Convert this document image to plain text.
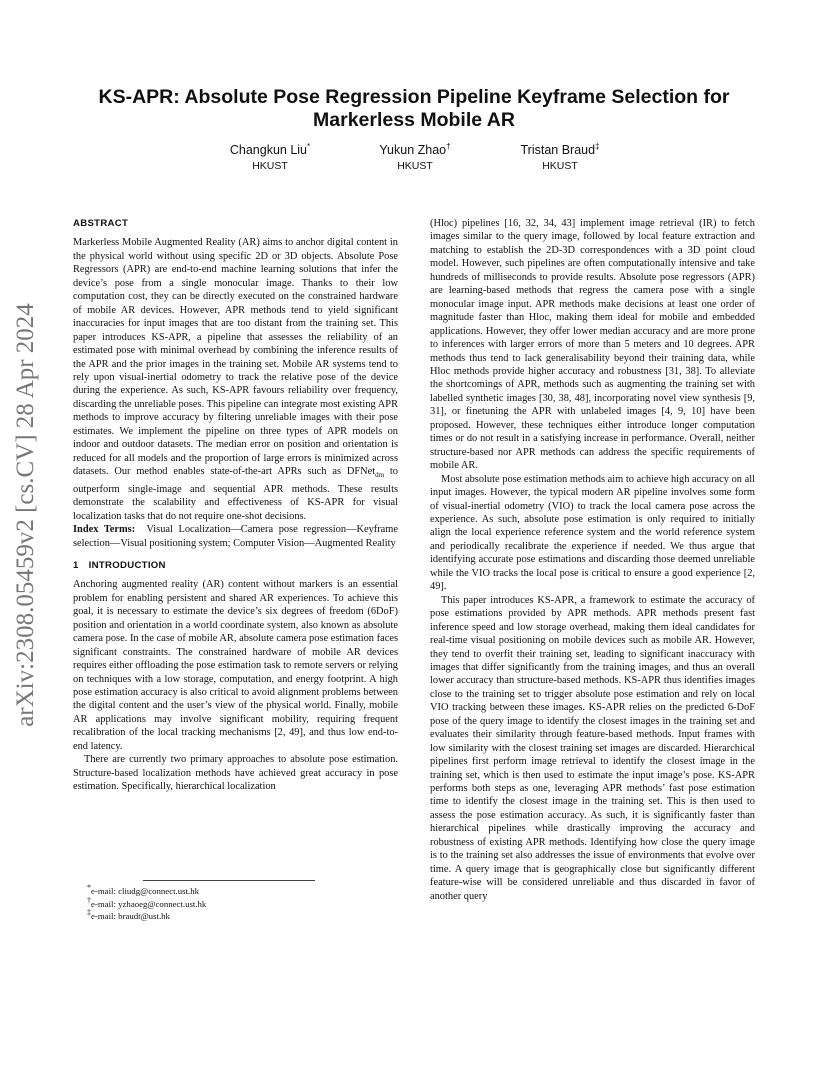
KS-APR: Absolute Pose Regression Pipeline Keyframe Selection for Markerless Mobile AR
Changkun Liu*
HKUST
Yukun Zhao†
HKUST
Tristan Braud‡
HKUST
arXiv:2308.05459v2 [cs.CV] 28 Apr 2024
ABSTRACT

Markerless Mobile Augmented Reality (AR) aims to anchor digital content in the physical world without using specific 2D or 3D objects. Absolute Pose Regressors (APR) are end-to-end machine learning solutions that infer the device’s pose from a single monocular image. Thanks to their low computation cost, they can be directly executed on the constrained hardware of mobile AR devices. However, APR methods tend to yield significant inaccuracies for input images that are too distant from the training set. This paper introduces KS-APR, a pipeline that assesses the reliability of an estimated pose with minimal overhead by combining the inference results of the APR and the prior images in the training set. Mobile AR systems tend to rely upon visual-inertial odometry to track the relative pose of the device during the experience. As such, KS-APR favours reliability over frequency, discarding the unreliable poses. This pipeline can integrate most existing APR methods to improve accuracy by filtering unreliable images with their pose estimates. We implement the pipeline on three types of APR models on indoor and outdoor datasets. The median error on position and orientation is reduced for all models and the proportion of large errors is minimized across datasets. Our method enables state-of-the-art APRs such as DFNet$_{dm}$ to outperform single-image and sequential APR methods. These results demonstrate the scalability and effectiveness of KS-APR for visual localization tasks that do not require one-shot decisions.

Index Terms: Visual Localization—Camera pose regression—Keyframe selection—Visual positioning system; Computer Vision—Augmented Reality

1 INTRODUCTION

Anchoring augmented reality (AR) content without markers is an essential problem for enabling persistent and shared AR experiences. To achieve this goal, it is necessary to estimate the device’s six degrees of freedom (6DoF) position and orientation in a world coordinate system, also known as absolute camera pose. In the case of mobile AR, absolute camera pose estimation faces significant constraints. The constrained hardware of mobile AR devices requires either offloading the pose estimation task to remote servers or relying on techniques with a low storage, computation, and energy footprint. A high pose estimation accuracy is also critical to avoid alignment problems between the digital content and the user’s view of the physical world. Finally, mobile AR applications may involve significant mobility, requiring frequent recalibration of the local tracking mechanisms [2, 49], and thus low end-to-end latency.

There are currently two primary approaches to absolute pose estimation. Structure-based localization methods have achieved great accuracy in pose estimation. Specifically, hierarchical localization

*e-mail: cliudg@connect.ust.hk
†e-mail: yzhaoeg@connect.ust.hk
‡e-mail: braudt@ust.hk

(Hloc) pipelines [16, 32, 34, 43] implement image retrieval (IR) to fetch images similar to the query image, followed by local feature extraction and matching to establish the 2D-3D correspondences with a 3D point cloud model. However, such pipelines are often computationally intensive and take hundreds of milliseconds to provide results. Absolute pose regressors (APR) are learning-based methods that regress the camera pose with a single monocular image input. APR methods make decisions at least one order of magnitude faster than Hloc, making them ideal for mobile and embedded applications. However, they offer lower median accuracy and are more prone to inferences with larger errors of more than 5 meters and 10 degrees. APR methods thus tend to lack generalisability beyond their training data, while Hloc methods provide higher accuracy and robustness [31, 38]. To alleviate the shortcomings of APR, methods such as augmenting the training set with labelled synthetic images [30, 38, 48], incorporating novel view synthesis [9, 31], or finetuning the APR with unlabeled images [4, 9, 10] have been proposed. However, these techniques either introduce longer computation times or do not result in a satisfying increase in performance. Overall, neither structure-based nor APR methods can address the specific requirements of mobile AR.

Most absolute pose estimation methods aim to achieve high accuracy on all input images. However, the typical modern AR pipeline involves some form of visual-inertial odometry (VIO) to track the local camera pose across the experience. As such, absolute pose estimation is only required to initially align the local experience reference system and the world reference system and periodically recalibrate the experience if needed. We thus argue that identifying accurate pose estimations and discarding those deemed unreliable while the VIO tracks the local pose is critical to ensure a good experience [2, 49].

This paper introduces KS-APR, a framework to estimate the accuracy of pose estimations provided by APR methods. APR methods present fast inference speed and low storage overhead, making them ideal candidates for real-time visual positioning on mobile devices such as mobile AR. However, they tend to overfit their training set, leading to significant inaccuracy with images that differ significantly from the training images, and thus an overall lower accuracy than structure-based methods. KS-APR thus identifies images close to the training set to trigger absolute pose estimation and rely on local VIO tracking between these images. KS-APR relies on the predicted 6-DoF pose of the query image to identify the closest images in the training set and evaluates their similarity through feature-based methods. Input frames with low similarity with the closest training set images are discarded. Hierarchical pipelines first perform image retrieval to identify the closest image in the training set, which is then used to estimate the input image’s pose. KS-APR performs both steps as one, leveraging APR methods’ fast pose estimation time to identify the closest image in the training set. This is then used to assess the pose estimation accuracy. As such, it is significantly faster than hierarchical pipelines while drastically improving the accuracy and robustness of existing APR methods. Identifying how close the query image is to the training set also addresses the issue of environments that evolve over time. A query image that is geographically close but significantly different feature-wise will be considered unreliable and thus discarded in favor of another query
